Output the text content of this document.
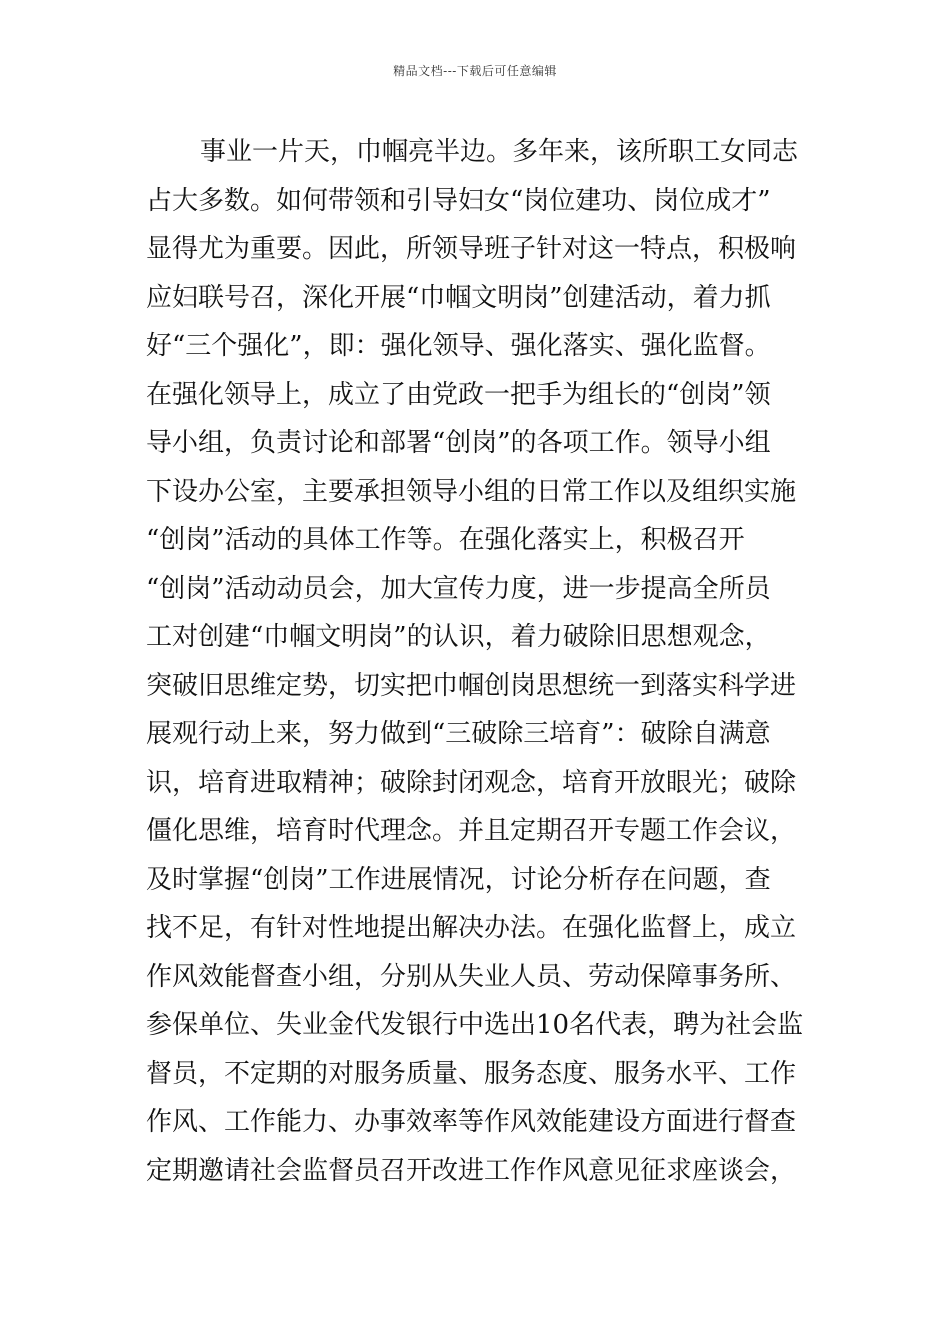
精品文档---下载后可任意编辑
事业一片天，巾帼亮半边。多年来，该所职工女同志
占大多数。如何带领和引导妇女“岗位建功、岗位成才”
显得尤为重要。因此，所领导班子针对这一特点，积极响
应妇联号召，深化开展“巾帼文明岗”创建活动，着力抓
好“三个强化”，即：强化领导、强化落实、强化监督。
在强化领导上，成立了由党政一把手为组长的“创岗”领
导小组，负责讨论和部署“创岗”的各项工作。领导小组
下设办公室，主要承担领导小组的日常工作以及组织实施
“创岗”活动的具体工作等。在强化落实上，积极召开
“创岗”活动动员会，加大宣传力度，进一步提高全所员
工对创建“巾帼文明岗”的认识，着力破除旧思想观念，
突破旧思维定势，切实把巾帼创岗思想统一到落实科学进
展观行动上来，努力做到“三破除三培育”：破除自满意
识，培育进取精神；破除封闭观念，培育开放眼光；破除
僵化思维，培育时代理念。并且定期召开专题工作会议，
及时掌握“创岗”工作进展情况，讨论分析存在问题，查
找不足，有针对性地提出解决办法。在强化监督上，成立
作风效能督查小组，分别从失业人员、劳动保障事务所、
参保单位、失业金代发银行中选出10名代表，聘为社会监
督员，不定期的对服务质量、服务态度、服务水平、工作
作风、工作能力、办事效率等作风效能建设方面进行督查
定期邀请社会监督员召开改进工作作风意见征求座谈会，
